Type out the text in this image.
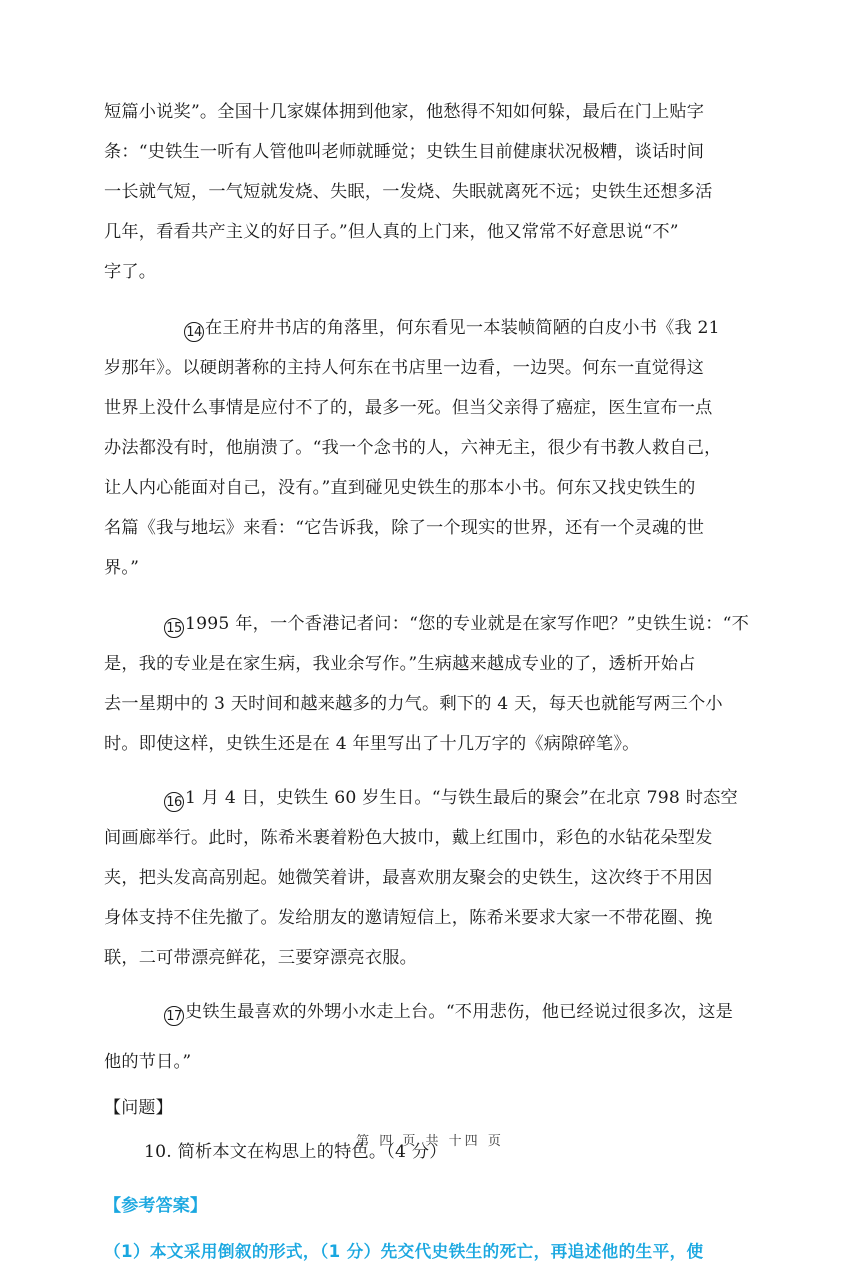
短篇小说奖”。全国十几家媒体拥到他家，他愁得不知如何躲，最后在门上贴字
条：“史铁生一听有人管他叫老师就睡觉；史铁生目前健康状况极糟，谈话时间
一长就气短，一气短就发烧、失眠，一发烧、失眠就离死不远；史铁生还想多活
几年，看看共产主义的好日子。”但人真的上门来，他又常常不好意思说“不”
字了。
14 在王府井书店的角落里，何东看见一本装帧简陋的白皮小书《我 21
岁那年》。以硬朗著称的主持人何东在书店里一边看，一边哭。何东一直觉得这
世界上没什么事情是应付不了的，最多一死。但当父亲得了癌症，医生宣布一点
办法都没有时，他崩溃了。“我一个念书的人，六神无主，很少有书教人救自己，
让人内心能面对自己，没有。”直到碰见史铁生的那本小书。何东又找史铁生的
名篇《我与地坛》来看：“它告诉我，除了一个现实的世界，还有一个灵魂的世
界。”
15 1995 年，一个香港记者问：“您的专业就是在家写作吧？”史铁生说：“不
是，我的专业是在家生病，我业余写作。”生病越来越成专业的了，透析开始占
去一星期中的 3 天时间和越来越多的力气。剩下的 4 天，每天也就能写两三个小
时。即使这样，史铁生还是在 4 年里写出了十几万字的《病隙碎笔》。
16 1 月 4 日，史铁生 60 岁生日。“与铁生最后的聚会”在北京 798 时态空
间画廊举行。此时，陈希米裹着粉色大披巾，戴上红围巾，彩色的水钻花朵型发
夹，把头发高高别起。她微笑着讲，最喜欢朋友聚会的史铁生，这次终于不用因
身体支持不住先撤了。发给朋友的邀请短信上，陈希米要求大家一不带花圈、挽
联，二可带漂亮鲜花，三要穿漂亮衣服。
17 史铁生最喜欢的外甥小水走上台。“不用悲伤，他已经说过很多次，这是
他的节日。”
【问题】
10. 简析本文在构思上的特色。（4 分）
【参考答案】
（1）本文采用倒叙的形式，（1 分）先交代史铁生的死亡，再追述他的生平，使
第 四 页 共 十四 页
